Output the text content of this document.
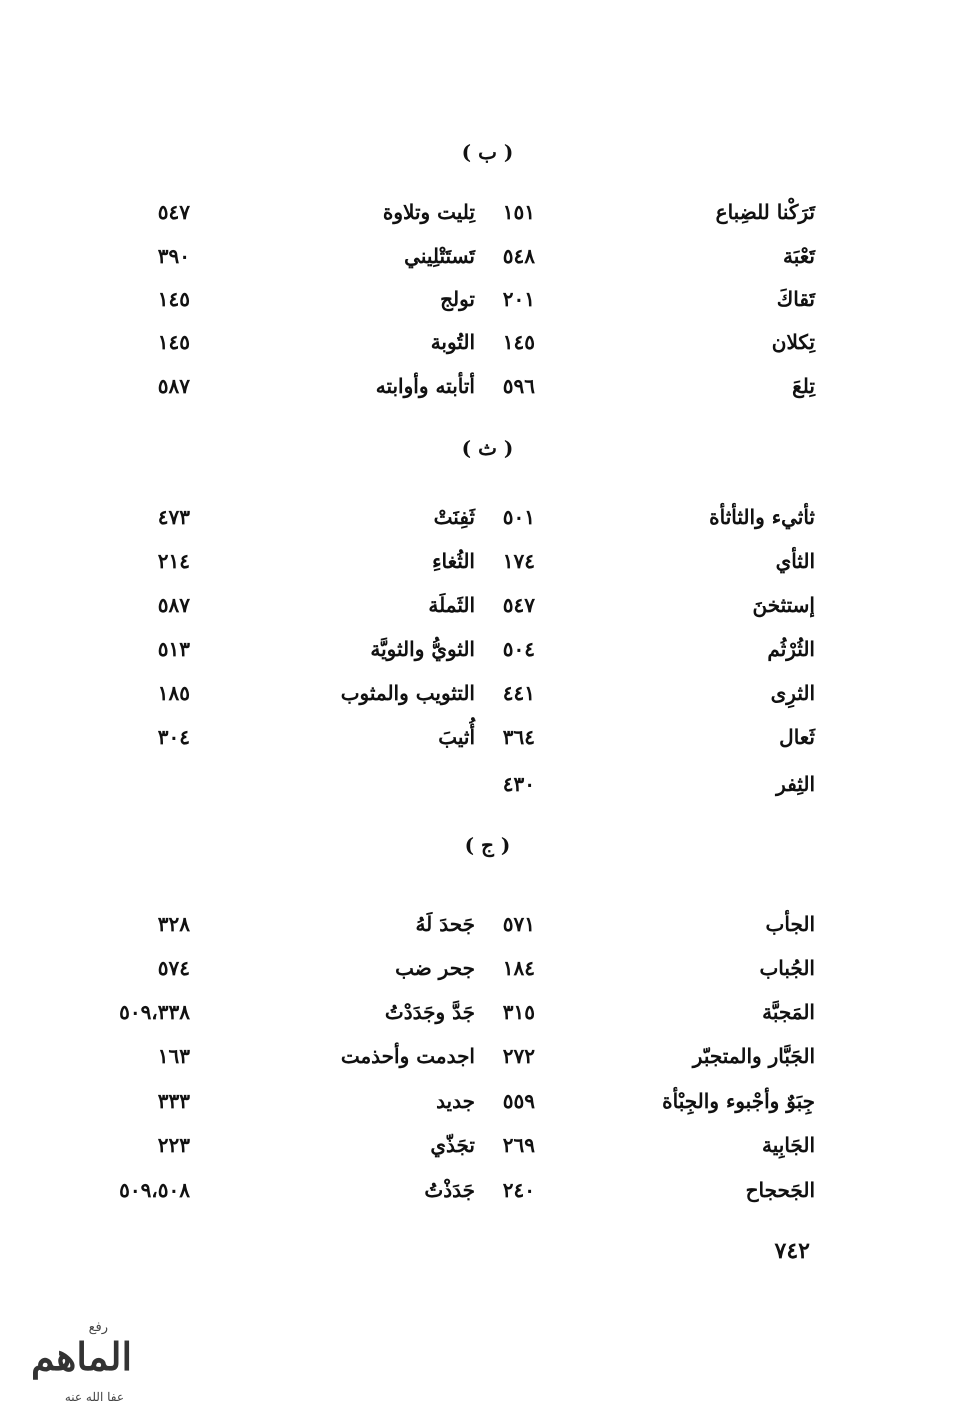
( ب )
تَرَكْنا للضِباع
١٥١
تِليت وتلاوة
٥٤٧
تَعْبَة
٥٤٨
تَستَتْلِيني
٣٩٠
تَقاكَ
٢٠١
تولج
١٤٥
تِكلان
١٤٥
التُوبة
١٤٥
تِلعَ
٥٩٦
أتأبته وأوابته
٥٨٧
( ث )
ثأثيء والثأثأة
٥٠١
ثَفِنَتْ
٤٧٣
الثأي
١٧٤
الثُغاءِ
٢١٤
إستثخنَ
٥٤٧
الثَملَة
٥٨٧
الثُرْثُم
٥٠٤
الثويُّ والثويَّة
٥١٣
الثرِى
٤٤١
التثويب والمثوب
١٨٥
ثَعال
٣٦٤
أُثيبَ
٣٠٤
الثِفر
٤٣٠
( ج )
الجأب
٥٧١
جَحدَ لَهُ
٣٢٨
الجُباب
١٨٤
جحر ضب
٥٧٤
المَجبَّة
٣١٥
جَدَّ وجَدَدْتُ
٥٠٩،٣٣٨
الجَبَّار والمتجبّر
٢٧٢
اجدمت وأحذمت
١٦٣
جِبَوٌ وأجْبوء والجِبْأة
٥٥٩
جديد
٣٣٣
الجَابِية
٢٦٩
تجَذّي
٢٢٣
الجَحجاح
٢٤٠
جَدَذْتُ
٥٠٩،٥٠٨
٧٤٢
رفع
الماهم
عفا الله عنه
